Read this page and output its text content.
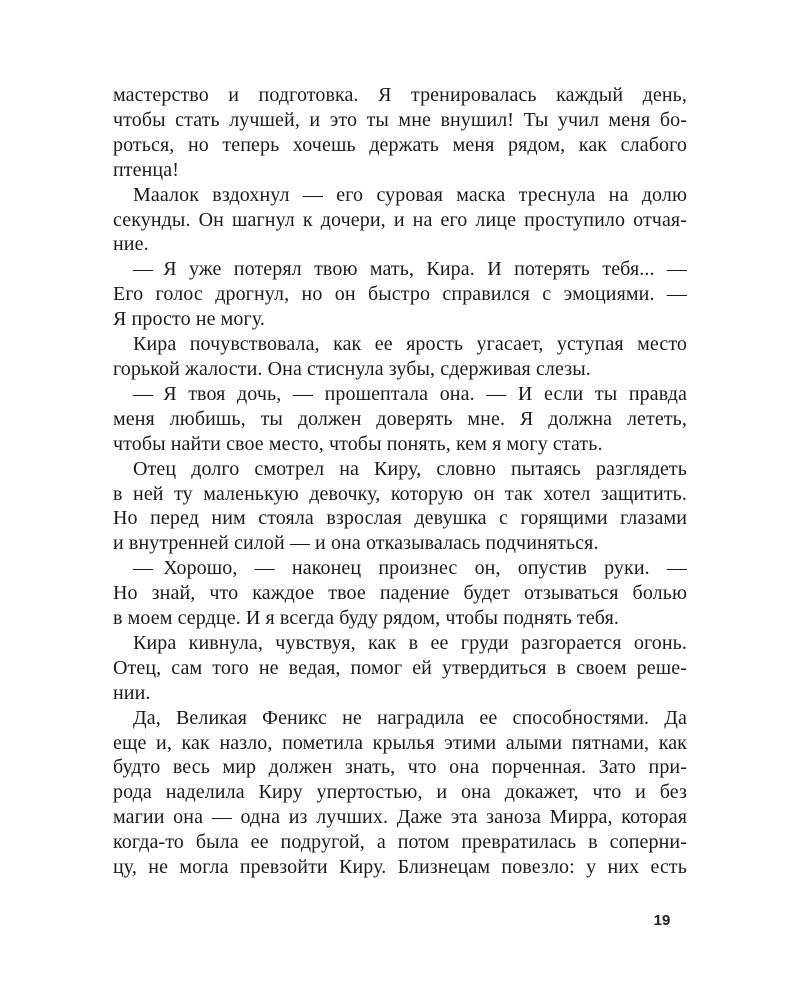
мастерство и подготовка. Я тренировалась каждый день,
чтобы стать лучшей, и это ты мне внушил! Ты учил меня бо-
роться, но теперь хочешь держать меня рядом, как слабого
птенца!
Маалок вздохнул — его суровая маска треснула на долю
секунды. Он шагнул к дочери, и на его лице проступило отчая-
ние.
— Я уже потерял твою мать, Кира. И потерять тебя... —
Его голос дрогнул, но он быстро справился с эмоциями. —
Я просто не могу.
Кира почувствовала, как ее ярость угасает, уступая место
горькой жалости. Она стиснула зубы, сдерживая слезы.
— Я твоя дочь, — прошептала она. — И если ты правда
меня любишь, ты должен доверять мне. Я должна лететь,
чтобы найти свое место, чтобы понять, кем я могу стать.
Отец долго смотрел на Киру, словно пытаясь разглядеть
в ней ту маленькую девочку, которую он так хотел защитить.
Но перед ним стояла взрослая девушка с горящими глазами
и внутренней силой — и она отказывалась подчиняться.
— Хорошо, — наконец произнес он, опустив руки. —
Но знай, что каждое твое падение будет отзываться болью
в моем сердце. И я всегда буду рядом, чтобы поднять тебя.
Кира кивнула, чувствуя, как в ее груди разгорается огонь.
Отец, сам того не ведая, помог ей утвердиться в своем реше-
нии.
Да, Великая Феникс не наградила ее способностями. Да
еще и, как назло, пометила крылья этими алыми пятнами, как
будто весь мир должен знать, что она порченная. Зато при-
рода наделила Киру упертостью, и она докажет, что и без
магии она — одна из лучших. Даже эта заноза Мирра, которая
когда-то была ее подругой, а потом превратилась в соперни-
цу, не могла превзойти Киру. Близнецам повезло: у них есть
19
